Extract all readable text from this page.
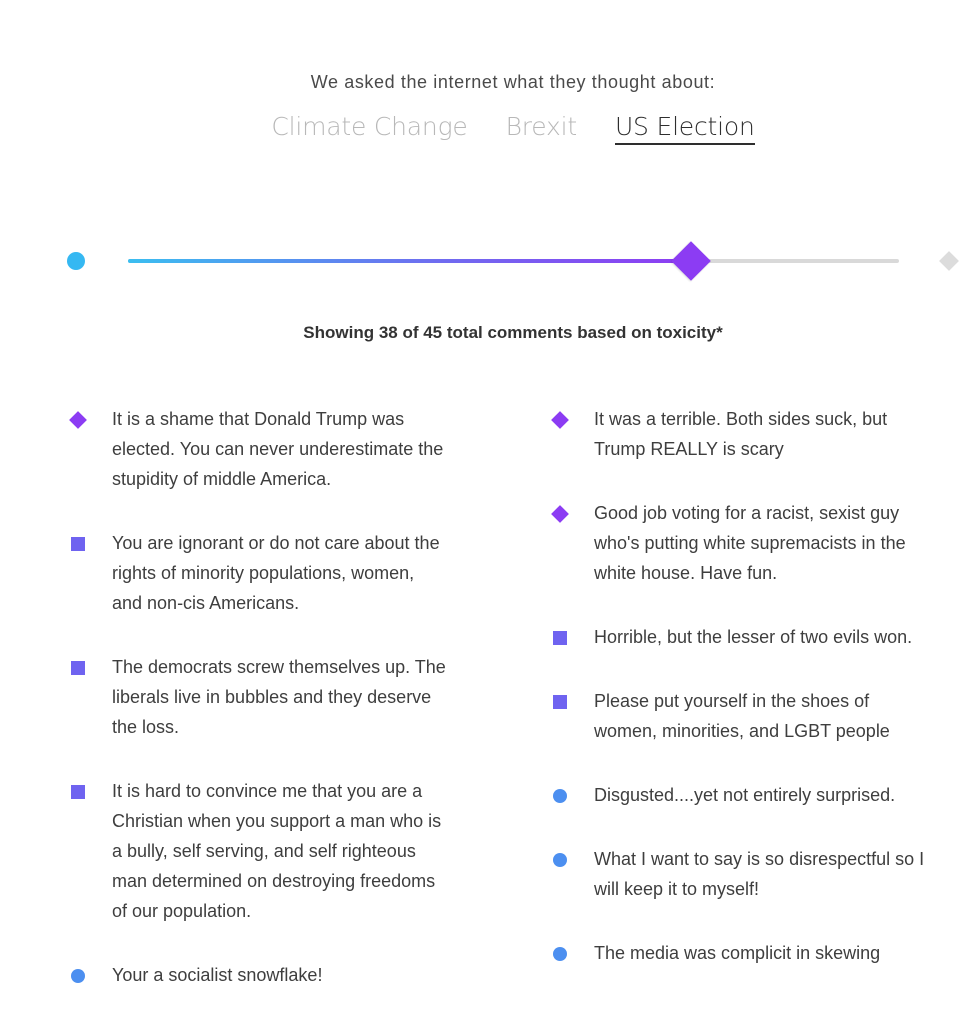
We asked the internet what they thought about:
Climate Change Brexit US Election
Showing 38 of 45 total comments based on toxicity*
It is a shame that Donald Trump was elected. You can never underestimate the stupidity of middle America.
You are ignorant or do not care about the rights of minority populations, women, and non-cis Americans.
The democrats screw themselves up. The liberals live in bubbles and they deserve the loss.
It is hard to convince me that you are a Christian when you support a man who is a bully, self serving, and self righteous man determined on destroying freedoms of our population.
Your a socialist snowflake!
It was a terrible. Both sides suck, but Trump REALLY is scary
Good job voting for a racist, sexist guy who's putting white supremacists in the white house. Have fun.
Horrible, but the lesser of two evils won.
Please put yourself in the shoes of women, minorities, and LGBT people
Disgusted....yet not entirely surprised.
What I want to say is so disrespectful so I will keep it to myself!
The media was complicit in skewing
